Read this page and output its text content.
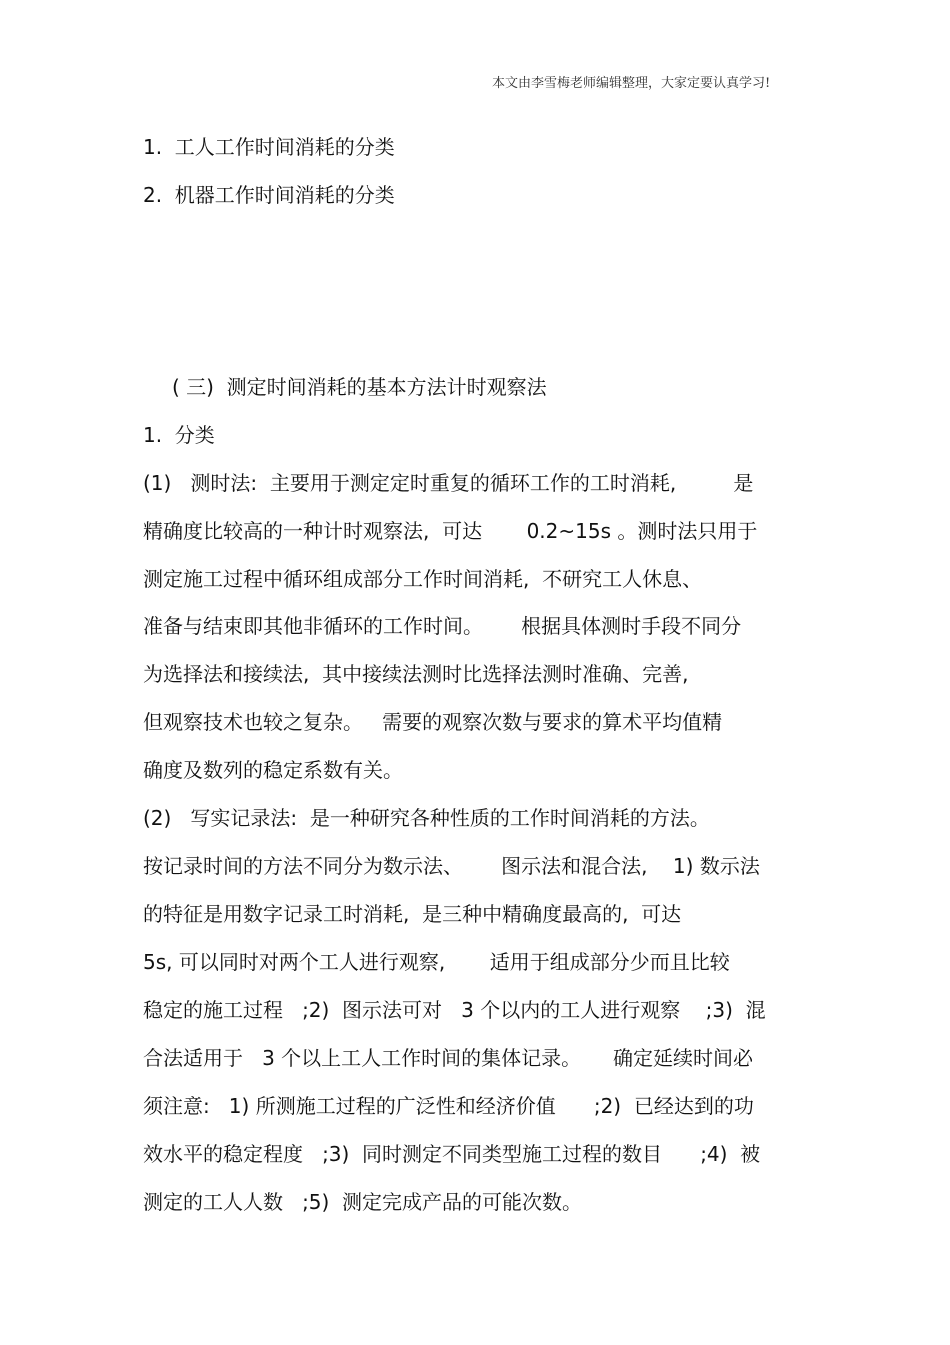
本文由李雪梅老师编辑整理，大家定要认真学习!
1.  工人工作时间消耗的分类
2.  机器工作时间消耗的分类
( 三)  测定时间消耗的基本方法计时观察法
1.  分类
(1)   测时法:  主要用于测定定时重复的循环工作的工时消耗,         是
精确度比较高的一种计时观察法,  可达       0.2~15s 。测时法只用于
测定施工过程中循环组成部分工作时间消耗,  不研究工人休息、
准备与结束即其他非循环的工作时间。      根据具体测时手段不同分
为选择法和接续法,  其中接续法测时比选择法测时准确、完善,
但观察技术也较之复杂。   需要的观察次数与要求的算术平均值精
确度及数列的稳定系数有关。
(2)   写实记录法:  是一种研究各种性质的工作时间消耗的方法。
按记录时间的方法不同分为数示法、      图示法和混合法,    1) 数示法
的特征是用数字记录工时消耗,  是三种中精确度最高的,  可达
5s, 可以同时对两个工人进行观察,       适用于组成部分少而且比较
稳定的施工过程   ;2)  图示法可对   3 个以内的工人进行观察    ;3)  混
合法适用于   3 个以上工人工作时间的集体记录。     确定延续时间必
须注意:   1) 所测施工过程的广泛性和经济价值      ;2)  已经达到的功
效水平的稳定程度   ;3)  同时测定不同类型施工过程的数目      ;4)  被
测定的工人人数   ;5)  测定完成产品的可能次数。
